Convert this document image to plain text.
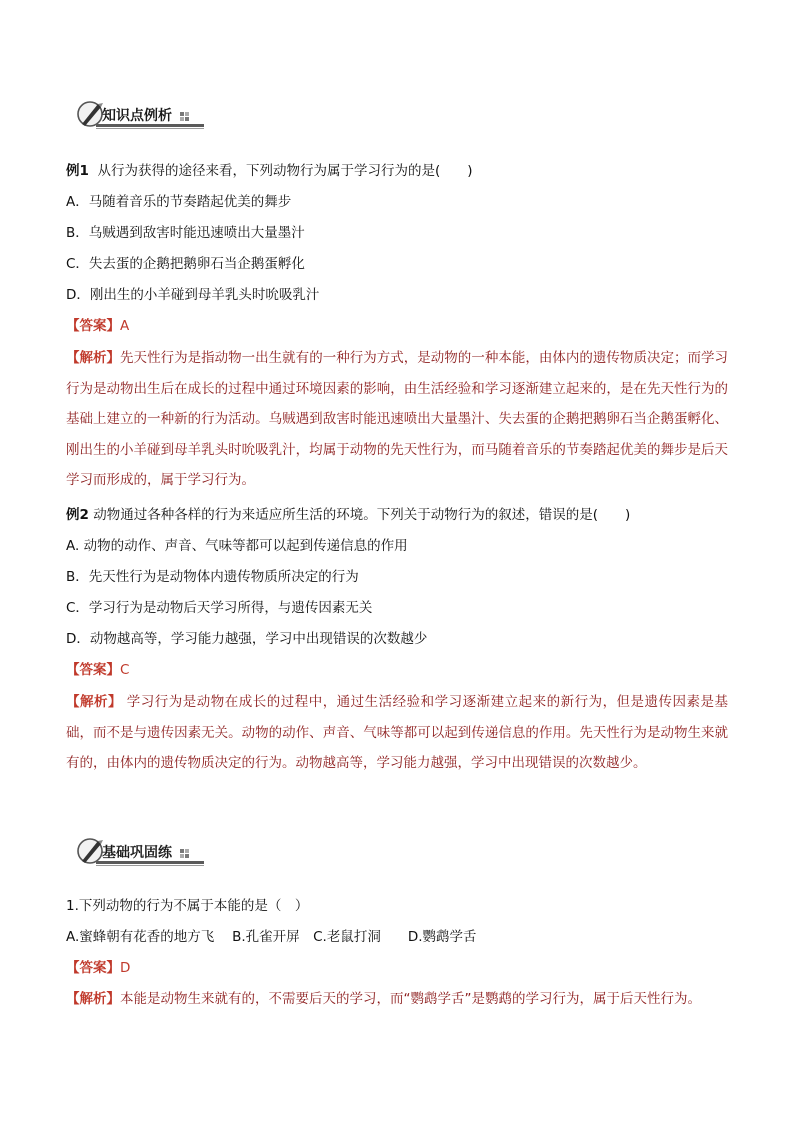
知识点例析
例1 从行为获得的途径来看，下列动物行为属于学习行为的是(　　)
A．马随着音乐的节奏踏起优美的舞步
B．乌贼遇到敌害时能迅速喷出大量墨汁
C．失去蛋的企鹅把鹅卵石当企鹅蛋孵化
D．刚出生的小羊碰到母羊乳头时吮吸乳汁
【答案】A
【解析】先天性行为是指动物一出生就有的一种行为方式，是动物的一种本能，由体内的遗传物质决定；而学习行为是动物出生后在成长的过程中通过环境因素的影响，由生活经验和学习逐渐建立起来的，是在先天性行为的基础上建立的一种新的行为活动。乌贼遇到敌害时能迅速喷出大量墨汁、失去蛋的企鹅把鹅卵石当企鹅蛋孵化、刚出生的小羊碰到母羊乳头时吮吸乳汁，均属于动物的先天性行为，而马随着音乐的节奏踏起优美的舞步是后天学习而形成的，属于学习行为。
例2 动物通过各种各样的行为来适应所生活的环境。下列关于动物行为的叙述，错误的是(　　)
A. 动物的动作、声音、气味等都可以起到传递信息的作用
B．先天性行为是动物体内遗传物质所决定的行为
C．学习行为是动物后天学习所得，与遗传因素无关
D．动物越高等，学习能力越强，学习中出现错误的次数越少
【答案】C
【解析】 学习行为是动物在成长的过程中，通过生活经验和学习逐渐建立起来的新行为，但是遗传因素是基础，而不是与遗传因素无关。动物的动作、声音、气味等都可以起到传递信息的作用。先天性行为是动物生来就有的，由体内的遗传物质决定的行为。动物越高等，学习能力越强，学习中出现错误的次数越少。
基础巩固练
1.下列动物的行为不属于本能的是（　）
A.蜜蜂朝有花香的地方飞　 B.孔雀开屏　C.老鼠打洞　　D.鹦鹉学舌
【答案】D
【解析】本能是动物生来就有的，不需要后天的学习，而“鹦鹉学舌”是鹦鹉的学习行为，属于后天性行为。
